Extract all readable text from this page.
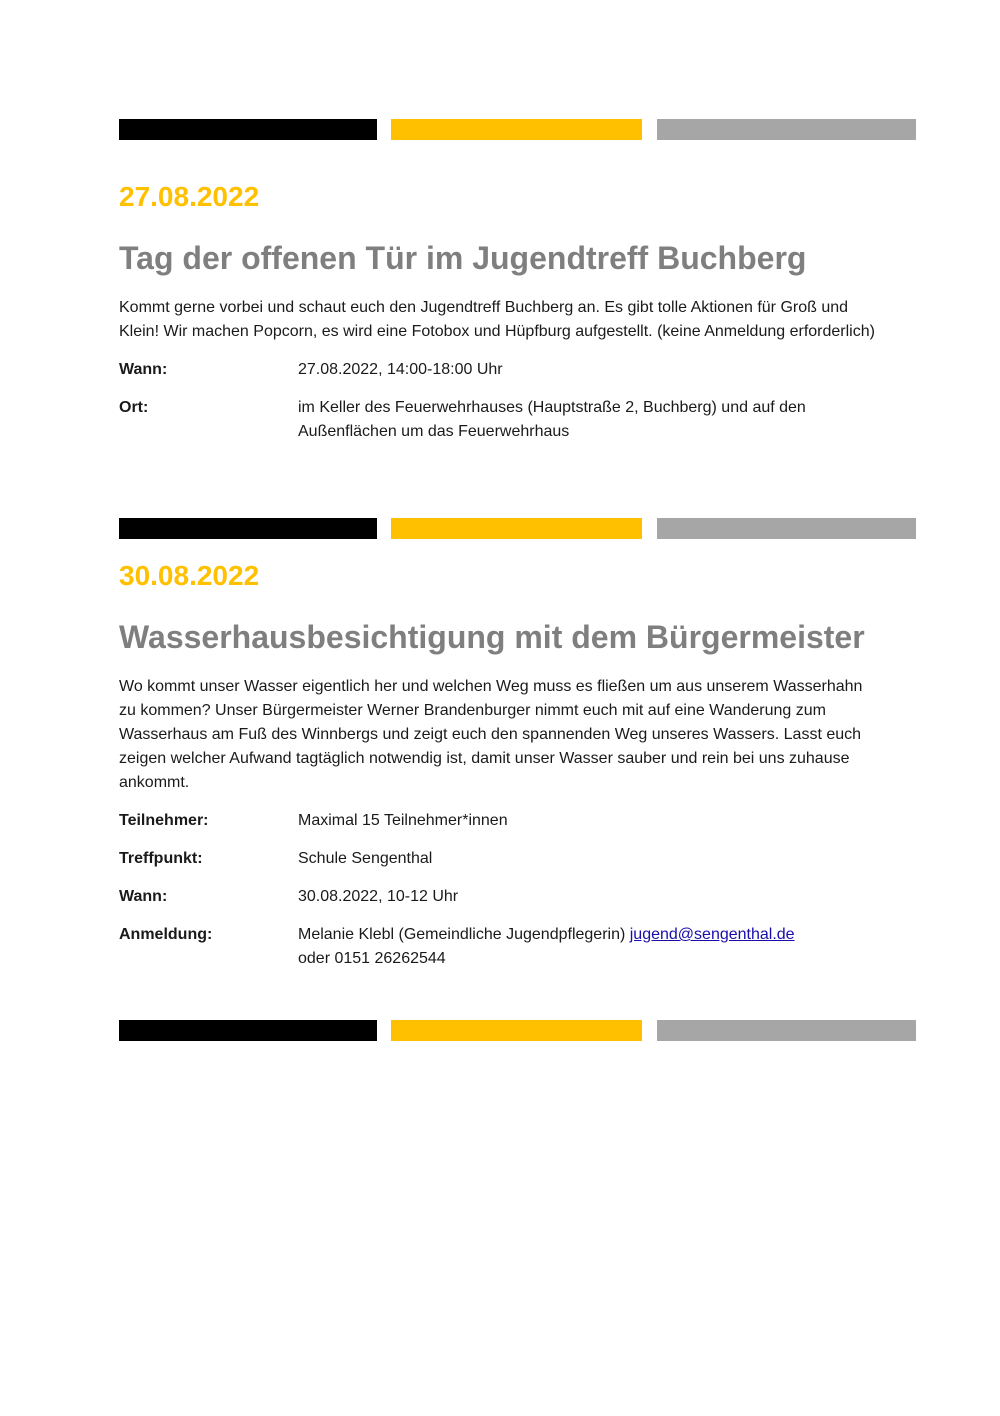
27.08.2022
Tag der offenen Tür im Jugendtreff Buchberg

Kommt gerne vorbei und schaut euch den Jugendtreff Buchberg an. Es gibt tolle Aktionen für Groß und Klein! Wir machen Popcorn, es wird eine Fotobox und Hüpfburg aufgestellt. (keine Anmeldung erforderlich)

Wann:	27.08.2022, 14:00-18:00 Uhr
Ort:	im Keller des Feuerwehrhauses (Hauptstraße 2, Buchberg) und auf den Außenflächen um das Feuerwehrhaus
30.08.2022
Wasserhausbesichtigung mit dem Bürgermeister

Wo kommt unser Wasser eigentlich her und welchen Weg muss es fließen um aus unserem Wasserhahn zu kommen? Unser Bürgermeister Werner Brandenburger nimmt euch mit auf eine Wanderung zum Wasserhaus am Fuß des Winnbergs und zeigt euch den spannenden Weg unseres Wassers. Lasst euch zeigen welcher Aufwand tagtäglich notwendig ist, damit unser Wasser sauber und rein bei uns zuhause ankommt.

Teilnehmer:	Maximal 15 Teilnehmer*innen
Treffpunkt:	Schule Sengenthal
Wann:	30.08.2022, 10-12 Uhr
Anmeldung:	Melanie Klebl (Gemeindliche Jugendpflegerin) jugend@sengenthal.de
oder 0151 26262544
